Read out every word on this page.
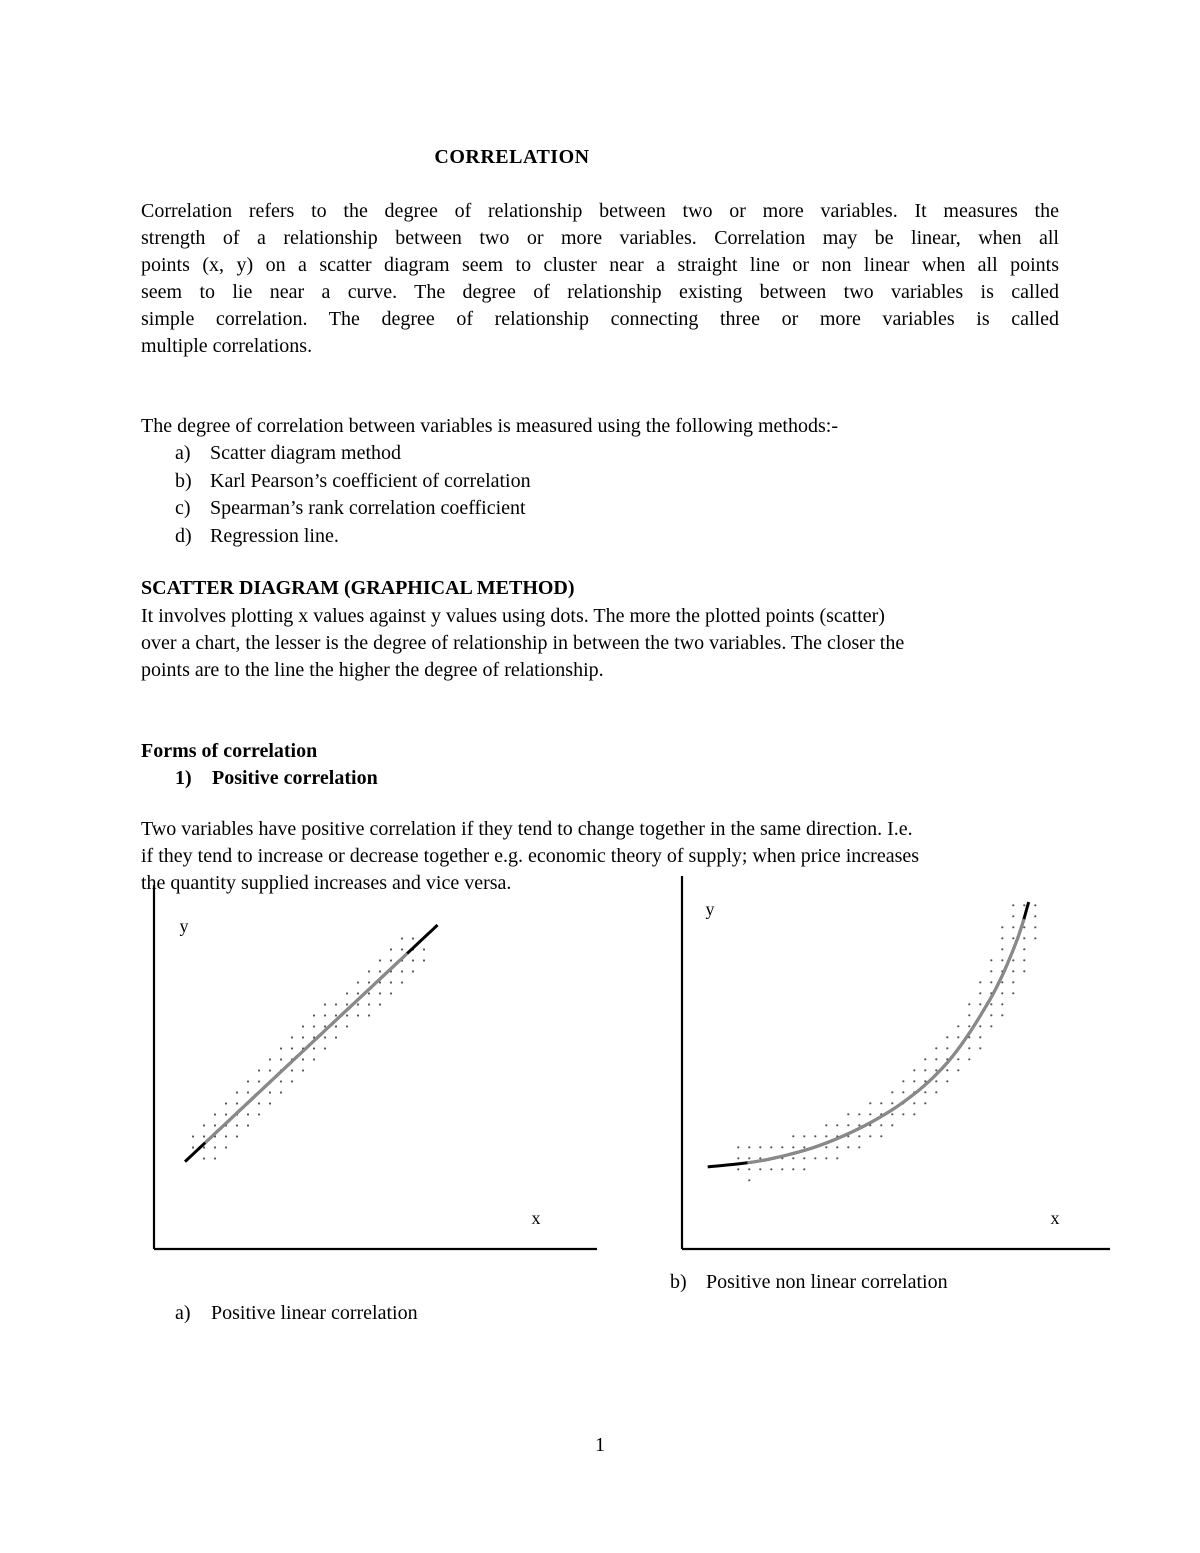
CORRELATION
Correlation refers to the degree of relationship between two or more variables. It measures the
strength of a relationship between two or more variables. Correlation may be linear, when all
points (x, y) on a scatter diagram seem to cluster near a straight line or non linear when all points
seem to lie near a curve. The degree of relationship existing between two variables is called
simple correlation. The degree of relationship connecting three or more variables is called
multiple correlations.
The degree of correlation between variables is measured using the following methods:-
a) Scatter diagram method
b) Karl Pearson’s coefficient of correlation
c) Spearman’s rank correlation coefficient
d) Regression line.
SCATTER DIAGRAM (GRAPHICAL METHOD)
It involves plotting x values against y values using dots. The more the plotted points (scatter)
over a chart, the lesser is the degree of relationship in between the two variables. The closer the
points are to the line the higher the degree of relationship.
Forms of correlation
1)	Positive correlation
Two variables have positive correlation if they tend to change together in the same direction. I.e.
if they tend to increase or decrease together e.g. economic theory of supply; when price increases
the quantity supplied increases and vice versa.
x
y
x
y
a)	Positive linear correlation
b) Positive non linear correlation
1
